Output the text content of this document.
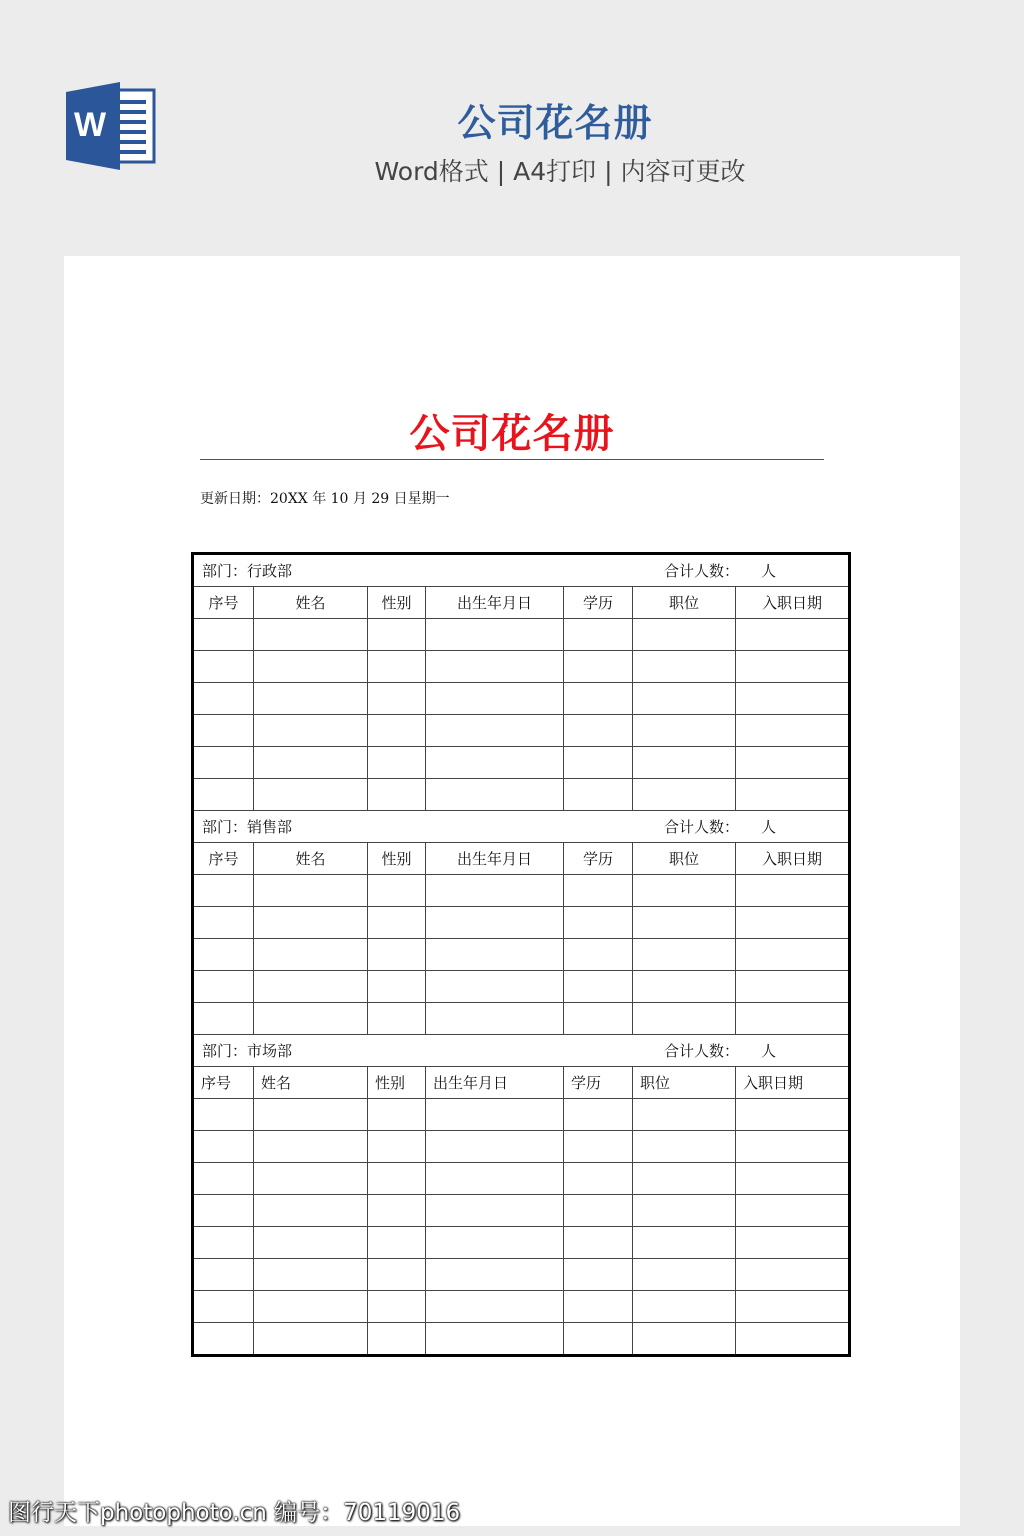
W	公司花名册
Word格式 | A4打印 | 内容可更改
公司花名册
更新日期：20XX 年 10 月 29 日星期一
部门：行政部 合计人数： 人						

序号	姓名	性别	出生年月日	学历	职位	入职日期

部门：销售部 合计人数： 人						

序号	姓名	性别	出生年月日	学历	职位	入职日期

部门：市场部 合计人数： 人						

序号	姓名	性别	出生年月日	学历	职位	入职日期

图行天下photophoto.cn 编号：70119016
